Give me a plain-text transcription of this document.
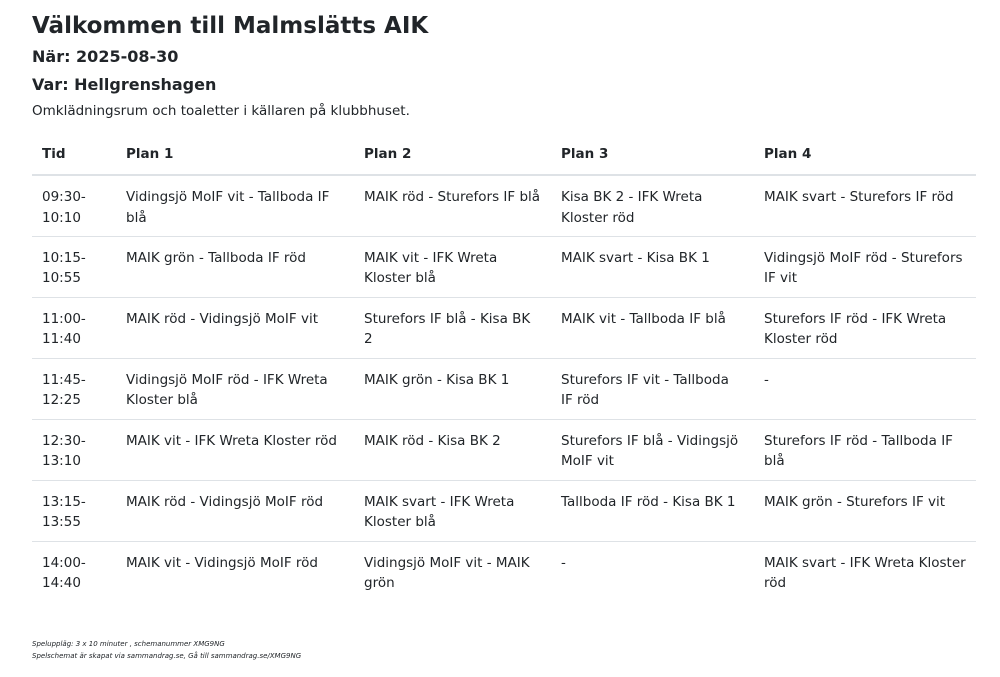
Välkommen till Malmslätts AIK
När: 2025-08-30
Var: Hellgrenshagen
Omklädningsrum och toaletter i källaren på klubbhuset.
Tid	Plan 1	Plan 2	Plan 3	Plan 4
09:30-10:10	Vidingsjö MoIF vit - Tallboda IF blå	MAIK röd - Sturefors IF blå	Kisa BK 2 - IFK Wreta Kloster röd	MAIK svart - Sturefors IF röd
10:15-10:55	MAIK grön - Tallboda IF röd	MAIK vit - IFK Wreta Kloster blå	MAIK svart - Kisa BK 1	Vidingsjö MoIF röd - Sturefors IF vit
11:00-11:40	MAIK röd - Vidingsjö MoIF vit	Sturefors IF blå - Kisa BK 2	MAIK vit - Tallboda IF blå	Sturefors IF röd - IFK Wreta Kloster röd
11:45-12:25	Vidingsjö MoIF röd - IFK Wreta Kloster blå	MAIK grön - Kisa BK 1	Sturefors IF vit - Tallboda IF röd	-
12:30-13:10	MAIK vit - IFK Wreta Kloster röd	MAIK röd - Kisa BK 2	Sturefors IF blå - Vidingsjö MoIF vit	Sturefors IF röd - Tallboda IF blå
13:15-13:55	MAIK röd - Vidingsjö MoIF röd	MAIK svart - IFK Wreta Kloster blå	Tallboda IF röd - Kisa BK 1	MAIK grön - Sturefors IF vit
14:00-14:40	MAIK vit - Vidingsjö MoIF röd	Vidingsjö MoIF vit - MAIK grön	-	MAIK svart - IFK Wreta Kloster röd
Speluppläg: 3 x 10 minuter , schemanummer XMG9NG
Spelschemat är skapat via sammandrag.se, Gå till sammandrag.se/XMG9NG
